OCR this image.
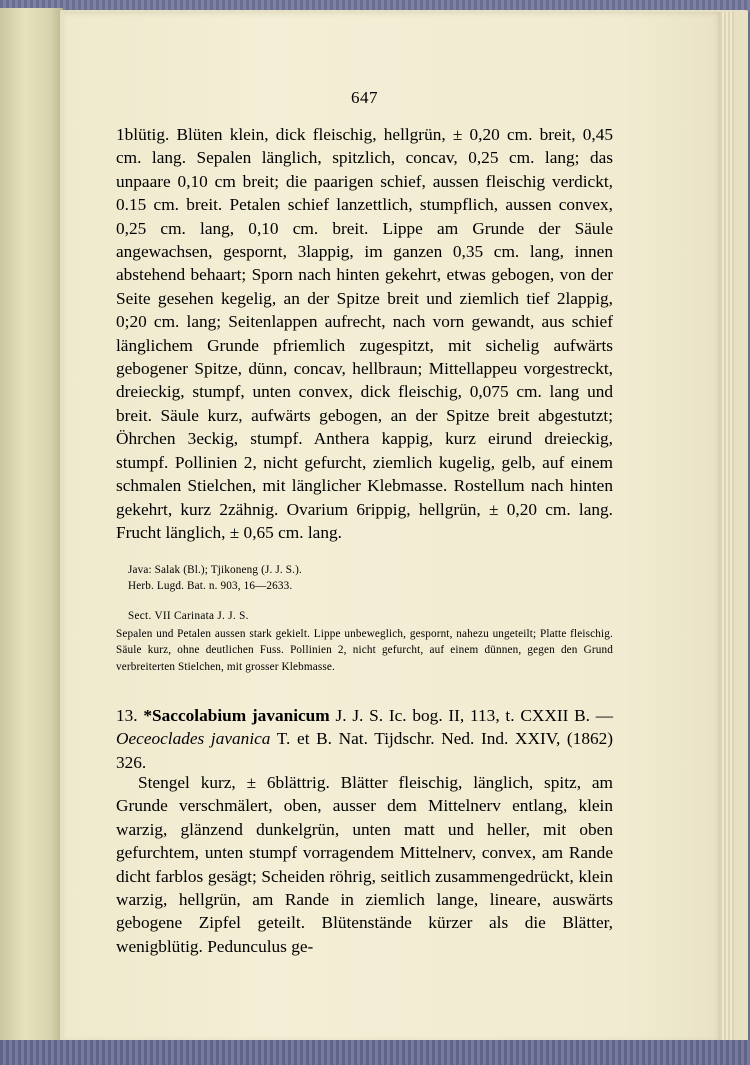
647

1blütig. Blüten klein, dick fleischig, hellgrün, ± 0,20 cm. breit, 0,45 cm. lang. Sepalen länglich, spitzlich, concav, 0,25 cm. lang; das unpaare 0,10 cm breit; die paarigen schief, aussen fleischig verdickt, 0.15 cm. breit. Petalen schief lanzettlich, stumpflich, aussen convex, 0,25 cm. lang, 0,10 cm. breit. Lippe am Grunde der Säule angewachsen, gespornt, 3lappig, im ganzen 0,35 cm. lang, innen abstehend behaart; Sporn nach hinten gekehrt, etwas gebogen, von der Seite gesehen kegelig, an der Spitze breit und ziemlich tief 2lappig, 0;20 cm. lang; Seitenlappen aufrecht, nach vorn gewandt, aus schief länglichem Grunde pfriemlich zugespitzt, mit sichelig aufwärts gebogener Spitze, dünn, concav, hellbraun; Mittellappeu vorgestreckt, dreieckig, stumpf, unten convex, dick fleischig, 0,075 cm. lang und breit. Säule kurz, aufwärts gebogen, an der Spitze breit abgestutzt; Öhrchen 3eckig, stumpf. Anthera kappig, kurz eirund dreieckig, stumpf. Pollinien 2, nicht gefurcht, ziemlich kugelig, gelb, auf einem schmalen Stielchen, mit länglicher Klebmasse. Rostellum nach hinten gekehrt, kurz 2zähnig. Ovarium 6rippig, hellgrün, ± 0,20 cm. lang. Frucht länglich, ± 0,65 cm. lang.

Java: Salak (Bl.); Tjikoneng (J. J. S.).

Herb. Lugd. Bat. n. 903, 16—2633.

Sect. VII Carinata J. J. S.

Sepalen und Petalen aussen stark gekielt. Lippe unbeweglich, gespornt, nahezu ungeteilt; Platte fleischig. Säule kurz, ohne deutlichen Fuss. Pollinien 2, nicht gefurcht, auf einem dünnen, gegen den Grund verbreiterten Stielchen, mit grosser Klebmasse.

13. *Saccolabium javanicum J. J. S. Ic. bog. II, 113, t. CXXII B. — Oeceoclades javanica T. et B. Nat. Tijdschr. Ned. Ind. XXIV, (1862) 326.

Stengel kurz, ± 6blättrig. Blätter fleischig, länglich, spitz, am Grunde verschmälert, oben, ausser dem Mittelnerv entlang, klein warzig, glänzend dunkelgrün, unten matt und heller, mit oben gefurchtem, unten stumpf vorragendem Mittelnerv, convex, am Rande dicht farblos gesägt; Scheiden röhrig, seitlich zusammengedrückt, klein warzig, hellgrün, am Rande in ziemlich lange, lineare, auswärts gebogene Zipfel geteilt. Blütenstände kürzer als die Blätter, wenigblütig. Pedunculus ge-
